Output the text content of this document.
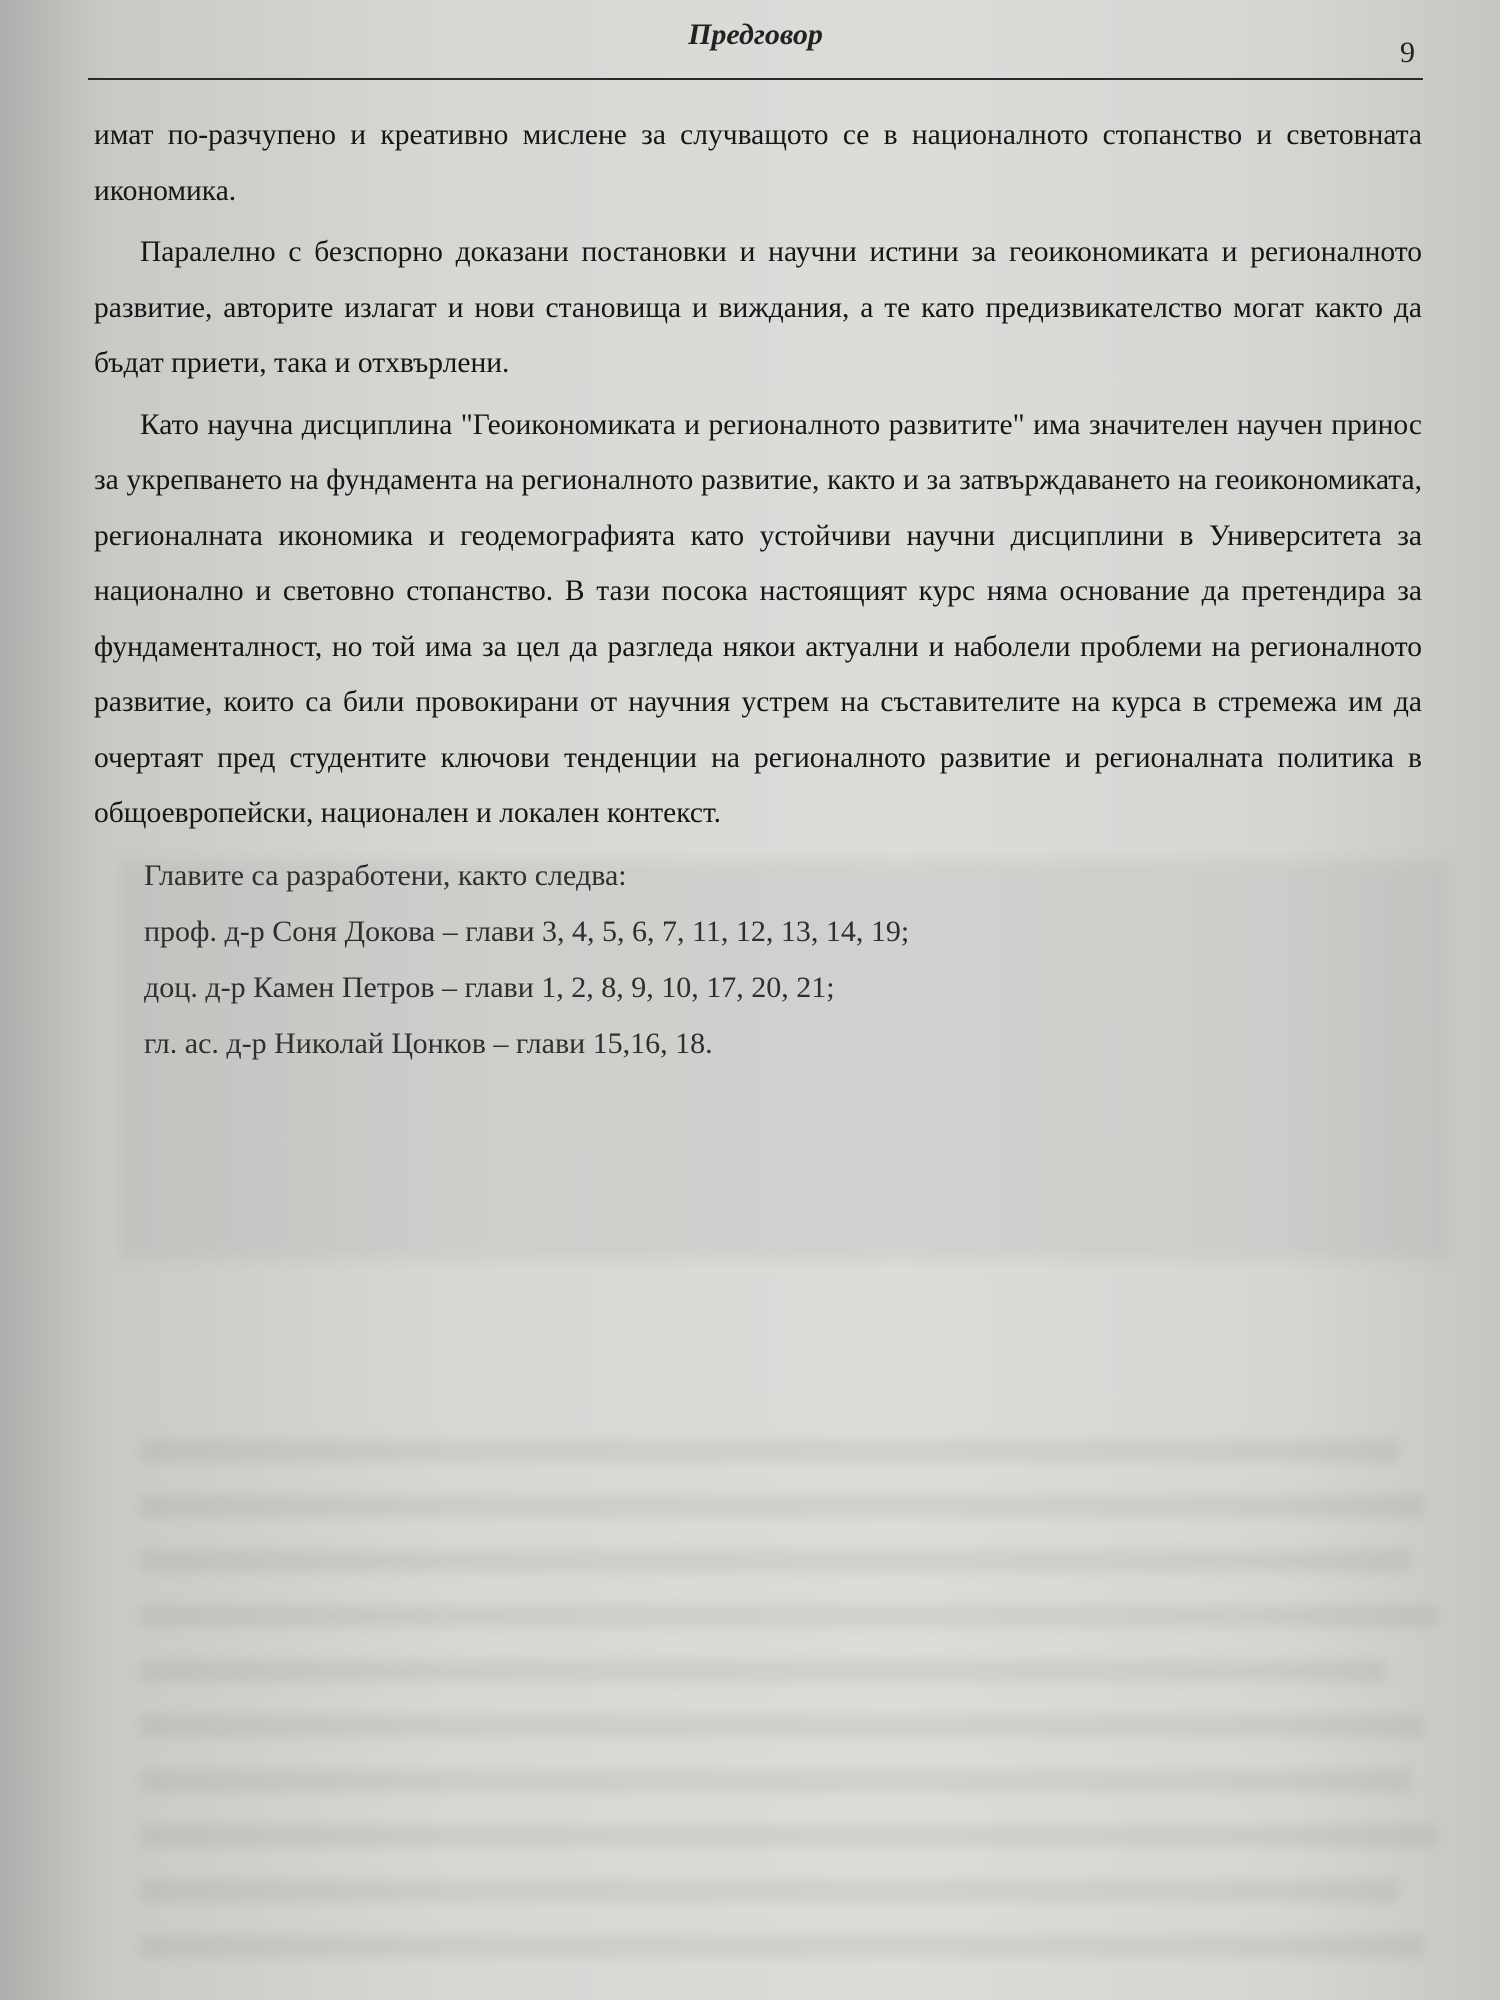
Предговор
9

имат по-разчупено и креативно мислене за случващото се в националното стопанство и световната икономика.

Паралелно с безспорно доказани постановки и научни истини за геоикономиката и регионалното развитие, авторите излагат и нови становища и виждания, а те като предизвикателство могат както да бъдат приети, така и отхвърлени.

Като научна дисциплина "Геоикономиката и регионалното развитите" има значителен научен принос за укрепването на фундамента на регионалното развитие, както и за затвърждаването на геоикономиката, регионалната икономика и геодемографията като устойчиви научни дисциплини в Университета за национално и световно стопанство. В тази посока настоящият курс няма основание да претендира за фундаменталност, но той има за цел да разгледа някои актуални и наболели проблеми на регионалното развитие, които са били провокирани от научния устрем на съставителите на курса в стремежа им да очертаят пред студентите ключови тенденции на регионалното развитие и регионалната политика в общоевропейски, национален и локален контекст.

Главите са разработени, както следва:

проф. д-р Соня Докова – глави 3, 4, 5, 6, 7, 11, 12, 13, 14, 19;

доц. д-р Камен Петров – глави 1, 2, 8, 9, 10, 17, 20, 21;

гл. ас. д-р Николай Цонков – глави 15,16, 18.
